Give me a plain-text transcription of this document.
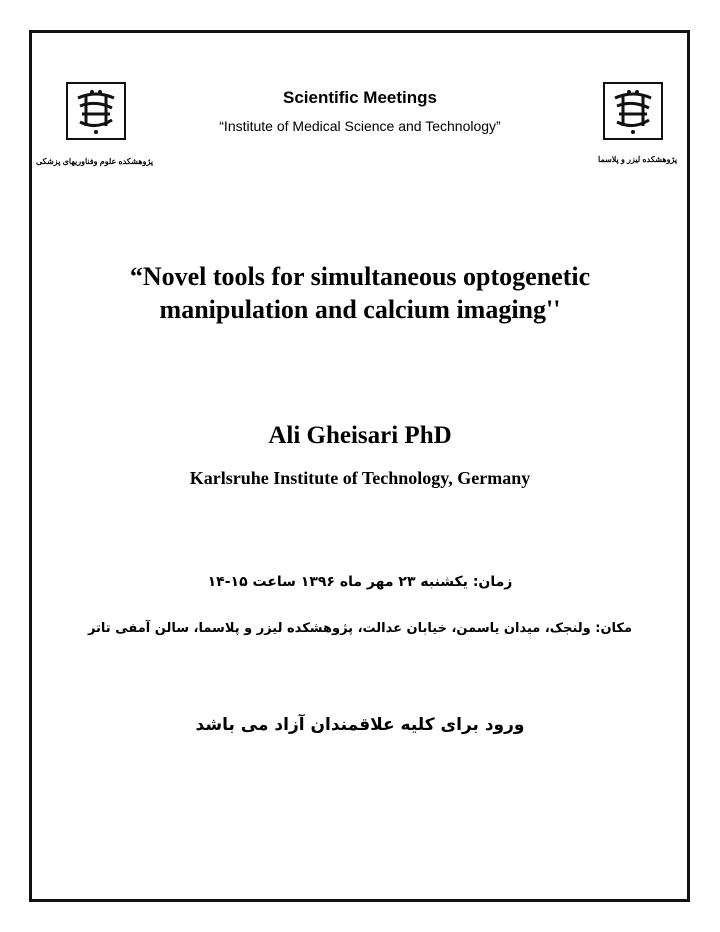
پژوهشکده علوم وفناوریهای پزشکی	پژوهشکده لیزر و پلاسما
Scientific Meetings
“Institute of Medical Science and Technology”
“Novel tools for simultaneous optogenetic manipulation and calcium imaging''
Ali Gheisari PhD
Karlsruhe Institute of Technology, Germany
زمان: یکشنبه ۲۳ مهر ماه ۱۳۹۶ ساعت ۱۵-۱۴
مکان: ولنجک، میدان یاسمن، خیابان عدالت، پژوهشکده لیزر و پلاسما، سالن آمفی تاتر
ورود برای کلیه علاقمندان آزاد می باشد
